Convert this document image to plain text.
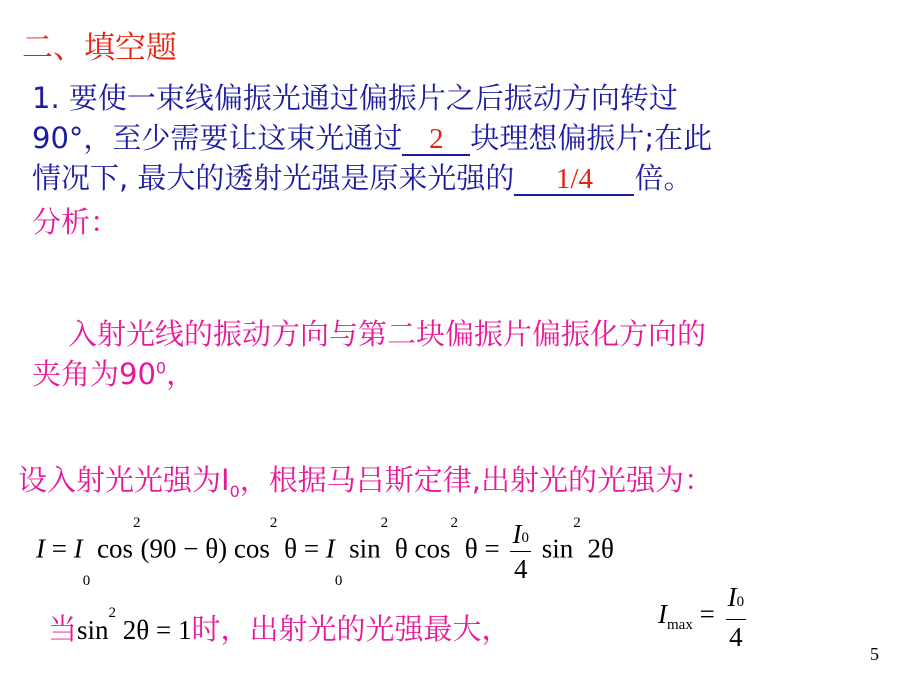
二、填空题
1. 要使一束线偏振光通过偏振片之后振动方向转过
90°，至少需要让这束光通过 2 块理想偏振片;在此
情况下, 最大的透射光强是原来光强的 1/4 倍。
分析：
入射光线的振动方向与第二块偏振片偏振化方向的
夹角为$90^0$，
设入射光光强为$I_0$，根据马吕斯定律,出射光的光强为：
I = I0 $\cos^2(90 - \theta)$ $\cos^2 \theta = I0$ $\sin^2 \theta$ $\cos^2 \theta = \frac{I0}{4} \sin^2 2\theta$
当$\sin^2 2\theta = 1$时，出射光的光强最大，	$I_{max} = \frac{I0}{4}$	5
